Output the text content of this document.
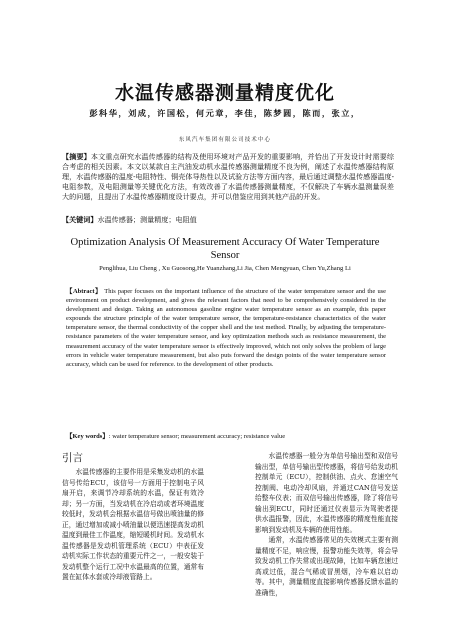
水温传感器测量精度优化
彭科华，刘成，许国松，何元章，李佳，陈梦圆，陈而，张立，
东风汽车集团有限公司技术中心
【摘要】本文重点研究水温传感器的结构及使用环境对产品开发的重要影响，并恰出了开发设计时需要综合考虑的相关因素。本文以某款自主汽油发动机水温传感器测量精度不良为例，阐述了水温传感器结构原理，水温传感器的温度-电阻特性、铜壳体导热性以及试验方法等方面内容，最后通过调整水温传感器温度-电阻参数，及电阻测量等关键优化方法，有效改善了水温传感器测量精度，不仅解决了车辆水温测量误差大的问题，且提出了水温传感器精度设计要点，并可以借鉴应用到其他产品的开发。
【关键词】水温传感器；测量精度；电阻值
Optimization Analysis Of Measurement Accuracy Of Water Temperature Sensor
Penglihua, Liu Cheng , Xu Guosong,He Yuanzhang,Li Jia, Chen Mengyuan, Chen Yu,Zhang Li
【Abtract】 This paper focuses on the important influence of the structure of the water temperature sensor and the use environment on product development, and gives the relevant factors that need to be comprehensively considered in the development and design. Taking an autonomous gasoline engine water temperature sensor as an example, this paper expounds the structure principle of the water temperature sensor, the temperature-resistance characteristics of the water temperature sensor, the thermal conductivity of the copper shell and the test method. Finally, by adjusting the temperature-resistance parameters of the water temperature sensor, and key optimization methods such as resistance measurement, the measurement accuracy of the water temperature sensor is effectively improved, which not only solves the problem of large errors in vehicle water temperature measurement, but also puts forward the design points of the water temperature sensor accuracy, which can be used for reference. to the development of other products.
【Key words】: water temperature sensor; measurement accuracy; resistance value
引言

水温传感器的主要作用是采集发动机的水温信号传给ECU，该信号一方面用于控制电子风扇开启，来调节冷却系统的水温，保证有效冷却；另一方面，当发动机在冷启动或者环境温度较低时，发动机会根据水温信号做出喷油量的修正，通过增加或减小喷油量以便迅速提高发动机温度到最佳工作温度，缩短暖机时间。发动机水温传感器是发动机管理系统（ECU）中表征发动机实际工作状态的重要元件之一，一般安装于发动机整个运行工况中水温最高的位置，通常布置在缸体水套或冷却液管路上。

水温传感器一般分为单信号输出型和双信号输出型，单信号输出型传感器，将信号给发动机控制单元（ECU），控制供油、点火、怠速空气控制阀、电动冷却风扇，并通过CAN信号发送给整车仪表；而双信号输出传感器，除了将信号输出到ECU，同时还通过仪表显示为驾驶者提供水温报警，因此，水温传感器的精度性能直接影响到发动机及车辆的使用性能。

通常，水温传感器常见的失效模式主要有测量精度不足，响应慢，报警功能失效等，将会导致发动机工作失常或出现故障，比如车辆怠速过高或过低，混合气稀或冒黑烟，冷车难以启动等。其中，测量精度直接影响传感器反馈水温的准确性，
